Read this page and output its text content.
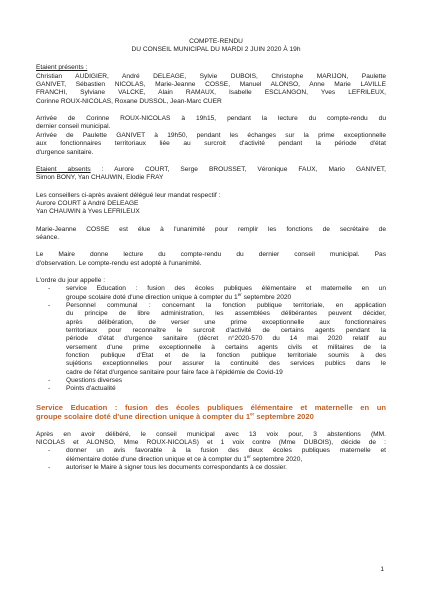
COMPTE-RENDU
DU CONSEIL MUNICIPAL DU MARDI 2 JUIN 2020 À 19h
Etaient présents :
Christian AUDIGIER, André DELEAGE, Sylvie DUBOIS, Christophe MARIJON, Paulette
GANIVET, Sébastien NICOLAS, Marie-Jeanne COSSE, Manuel ALONSO, Anne Marie LAVILLE
FRANCHI, Sylviane VALCKE, Alain RAMAUX, Isabelle ESCLANGON, Yves LEFRILEUX,
Corinne ROUX-NICOLAS, Roxane DUSSOL, Jean-Marc CUER
Arrivée de Corinne ROUX-NICOLAS à 19h15, pendant la lecture du compte-rendu du
dernier conseil municipal.
Arrivée de Paulette GANIVET à 19h50, pendant les échanges sur la prime exceptionnelle
aux fonctionnaires territoriaux liée au surcroit d'activité pendant la période d'état
d'urgence sanitaire.
Etaient absents : Aurore COURT, Serge BROUSSET, Véronique FAUX, Mario GANIVET,
Simon BONY, Yan CHAUWIN, Elodie FRAY
Les conseillers ci-après avaient délégué leur mandat respectif :
Aurore COURT à André DELEAGE
Yan CHAUWIN à Yves LEFRILEUX
Marie-Jeanne COSSE est élue à l'unanimité pour remplir les fonctions de secrétaire de
séance.
Le Maire donne lecture du compte-rendu du dernier conseil municipal. Pas
d'observation. Le compte-rendu est adopté à l'unanimité.
L'ordre du jour appelle :
- service Education : fusion des écoles publiques élémentaire et maternelle en un
groupe scolaire doté d'une direction unique à compter du 1er septembre 2020
- Personnel communal : concernant la fonction publique territoriale, en application
du principe de libre administration, les assemblées délibérantes peuvent décider,
après délibération, de verser une prime exceptionnelle aux fonctionnaires
territoriaux pour reconnaître le surcroit d'activité de certains agents pendant la
période d'état d'urgence sanitaire (décret n°2020-570 du 14 mai 2020 relatif au
versement d'une prime exceptionnelle à certains agents civils et militaires de la
fonction publique d'Etat et de la fonction publique territoriale soumis à des
sujétions exceptionnelles pour assurer la continuité des services publics dans le
cadre de l'état d'urgence sanitaire pour faire face à l'épidémie de Covid-19
- Questions diverses
- Points d'actualité
Service Education : fusion des écoles publiques élémentaire et maternelle en un
groupe scolaire doté d'une direction unique à compter du 1er septembre 2020
Après en avoir délibéré, le conseil municipal avec 13 voix pour, 3 abstentions (MM.
NICOLAS et ALONSO, Mme ROUX-NICOLAS) et 1 voix contre (Mme DUBOIS), décide de :
- donner un avis favorable à la fusion des deux écoles publiques maternelle et
élémentaire dotée d'une direction unique et ce à compter du 1er septembre 2020,
- autoriser le Maire à signer tous les documents correspondants à ce dossier.
1
